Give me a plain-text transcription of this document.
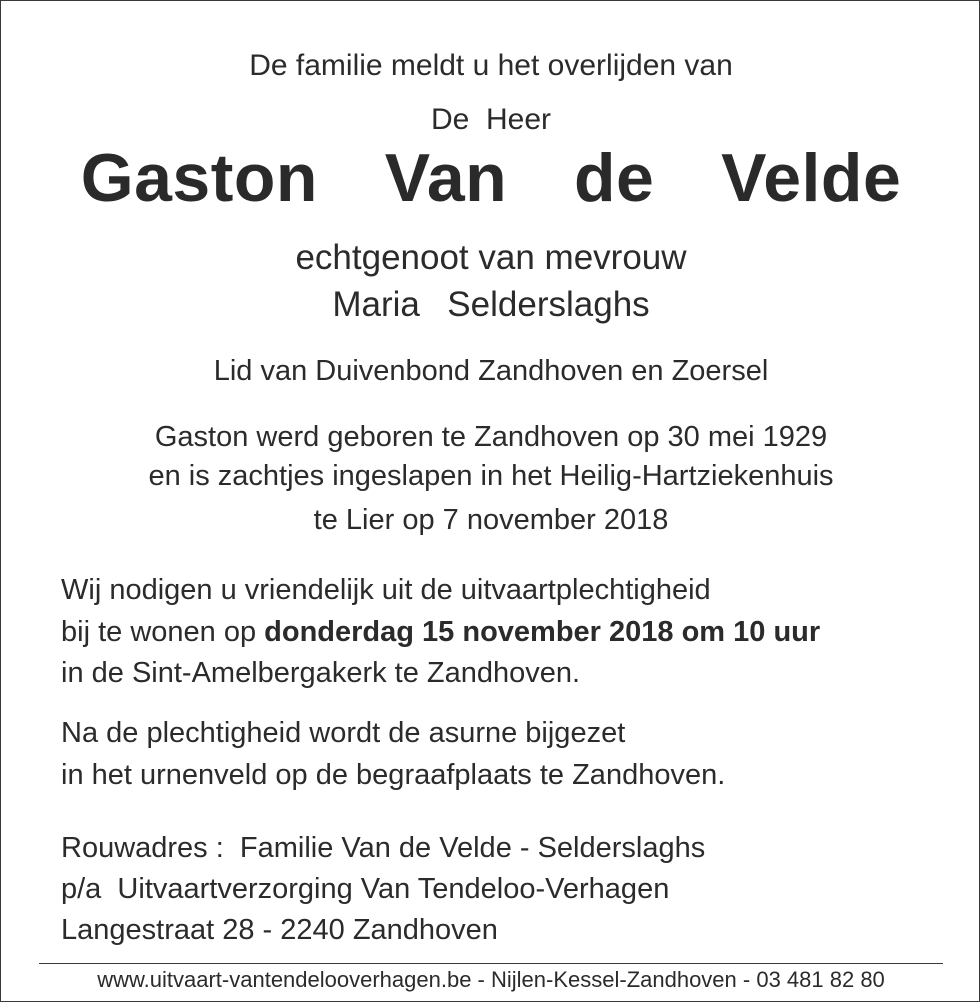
De familie meldt u het overlijden van
De  Heer
Gaston  Van  de  Velde
echtgenoot van mevrouw
Maria  Selderslaghs
Lid van Duivenbond Zandhoven en Zoersel
Gaston werd geboren te Zandhoven op 30 mei 1929
en is zachtjes ingeslapen in het Heilig-Hartziekenhuis
te Lier op 7 november 2018
Wij nodigen u vriendelijk uit de uitvaartplechtigheid
bij te wonen op donderdag 15 november 2018 om 10 uur
in de Sint-Amelbergakerk te Zandhoven.
Na de plechtigheid wordt de asurne bijgezet
in het urnenveld op de begraafplaats te Zandhoven.
Rouwadres :  Familie Van de Velde - Selderslaghs
p/a  Uitvaartverzorging Van Tendeloo-Verhagen
Langestraat 28 - 2240 Zandhoven
www.uitvaart-vantendelooverhagen.be - Nijlen-Kessel-Zandhoven - 03 481 82 80
